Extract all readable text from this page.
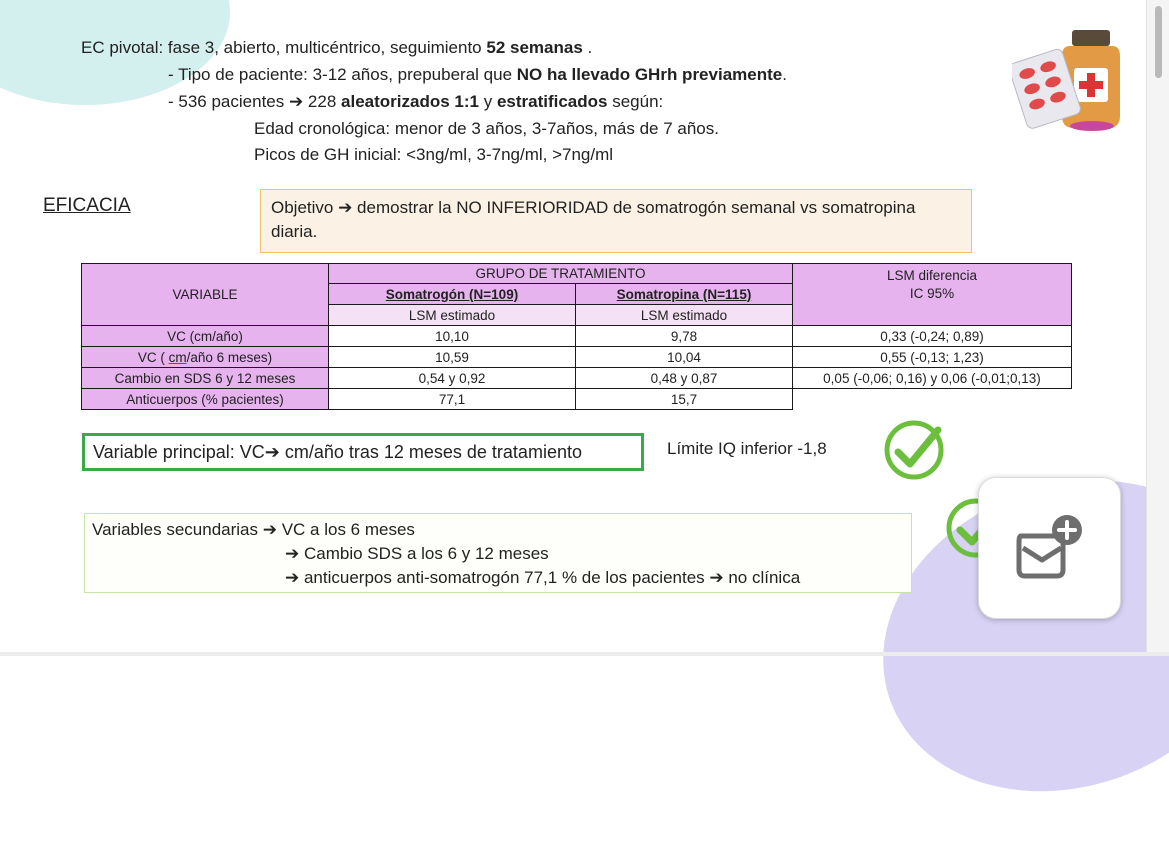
EC pivotal: fase 3, abierto, multicéntrico, seguimiento 52 semanas .
- Tipo de paciente: 3-12 años, prepuberal que NO ha llevado GHrh previamente.
- 536 pacientes ➔ 228 aleatorizados 1:1 y estratificados según:
Edad cronológica: menor de 3 años, 3-7años, más de 7 años.
Picos de GH inicial: <3ng/ml, 3-7ng/ml, >7ng/ml
EFICACIA	Objetivo ➔ demostrar la NO INFERIORIDAD de somatrogón semanal vs somatropina diaria.
VARIABLE	GRUPO DE TRATAMIENTO		LSM diferencia
IC 95%
	Somatrogón (N=109)	Somatropina (N=115)	
	LSM estimado	LSM estimado	
VC (cm/año)	10,10	9,78	0,33 (-0,24; 0,89)
VC ( cm/año 6 meses)	10,59	10,04	0,55 (-0,13; 1,23)
Cambio en SDS 6 y 12 meses	0,54 y 0,92	0,48 y 0,87	0,05 (-0,06; 0,16) y 0,06 (-0,01;0,13)
Anticuerpos (% pacientes)	77,1	15,7	
Variable principal: VC➔ cm/año tras 12 meses de tratamiento	Límite IQ inferior -1,8
Variables secundarias ➔ VC a los 6 meses
➔ Cambio SDS a los 6 y 12 meses
➔ anticuerpos anti-somatrogón 77,1 % de los pacientes ➔ no clínica
